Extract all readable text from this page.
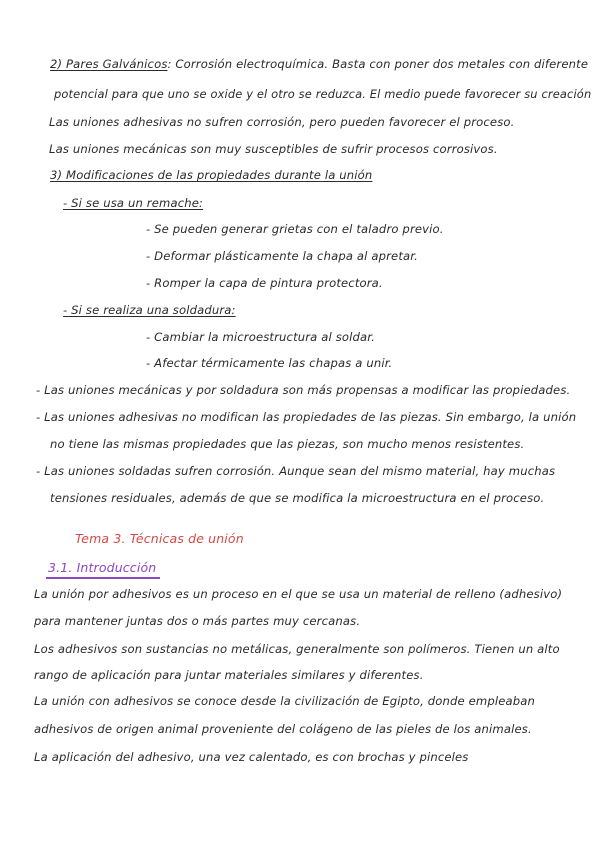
2) Pares Galvánicos: Corrosión electroquímica. Basta con poner dos metales con diferente
potencial para que uno se oxide y el otro se reduzca. El medio puede favorecer su creación
Las uniones adhesivas no sufren corrosión, pero pueden favorecer el proceso.
Las uniones mecánicas son muy susceptibles de sufrir procesos corrosivos.
3) Modificaciones de las propiedades durante la unión
- Si se usa un remache:
- Se pueden generar grietas con el taladro previo.
- Deformar plásticamente la chapa al apretar.
- Romper la capa de pintura protectora.
- Si se realiza una soldadura:
- Cambiar la microestructura al soldar.
- Afectar térmicamente las chapas a unir.
- Las uniones mecánicas y por soldadura son más propensas a modificar las propiedades.
- Las uniones adhesivas no modifican las propiedades de las piezas. Sin embargo, la unión
no tiene las mismas propiedades que las piezas, son mucho menos resistentes.
- Las uniones soldadas sufren corrosión. Aunque sean del mismo material, hay muchas
tensiones residuales, además de que se modifica la microestructura en el proceso.
Tema 3. Técnicas de unión
3.1. Introducción
La unión por adhesivos es un proceso en el que se usa un material de relleno (adhesivo)
para mantener juntas dos o más partes muy cercanas.
Los adhesivos son sustancias no metálicas, generalmente son polímeros. Tienen un alto
rango de aplicación para juntar materiales similares y diferentes.
La unión con adhesivos se conoce desde la civilización de Egipto, donde empleaban
adhesivos de origen animal proveniente del colágeno de las pieles de los animales.
La aplicación del adhesivo, una vez calentado, es con brochas y pinceles
